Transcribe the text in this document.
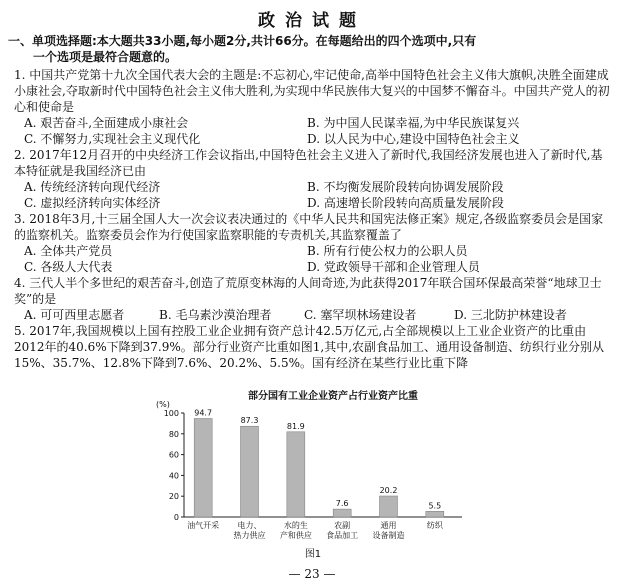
政治试题
一、单项选择题:本大题共33小题,每小题2分,共计66分。在每题给出的四个选项中,只有
一个选项是最符合题意的。
1. 中国共产党第十九次全国代表大会的主题是:不忘初心,牢记使命,高举中国特色社会主义伟大旗帜,决胜全面建成小康社会,夺取新时代中国特色社会主义伟大胜利,为实现中华民族伟大复兴的中国梦不懈奋斗。中国共产党人的初心和使命是
A. 艰苦奋斗,全面建成小康社会	B. 为中国人民谋幸福,为中华民族谋复兴
C. 不懈努力,实现社会主义现代化	D. 以人民为中心,建设中国特色社会主义
2. 2017年12月召开的中央经济工作会议指出,中国特色社会主义进入了新时代,我国经济发展也进入了新时代,基本特征就是我国经济已由
A. 传统经济转向现代经济	B. 不均衡发展阶段转向协调发展阶段
C. 虚拟经济转向实体经济	D. 高速增长阶段转向高质量发展阶段
3. 2018年3月,十三届全国人大一次会议表决通过的《中华人民共和国宪法修正案》规定,各级监察委员会是国家的监察机关。监察委员会作为行使国家监察职能的专责机关,其监察覆盖了
A. 全体共产党员	B. 所有行使公权力的公职人员
C. 各级人大代表	D. 党政领导干部和企业管理人员
4. 三代人半个多世纪的艰苦奋斗,创造了荒原变林海的人间奇迹,为此获得2017年联合国环保最高荣誉“地球卫士奖”的是
A. 可可西里志愿者	B. 毛乌素沙漠治理者	C. 塞罕坝林场建设者	D. 三北防护林建设者
5. 2017年,我国规模以上国有控股工业企业拥有资产总计42.5万亿元,占全部规模以上工业企业资产的比重由2012年的40.6%下降到37.9%。部分行业资产比重如图1,其中,农副食品加工、通用设备制造、纺织行业分别从15%、35.7%、12.8%下降到7.6%、20.2%、5.5%。国有经济在某些行业比重下降
部分国有工业企业资产占行业资产比重
(%)
0
20
40
60
80
100 94.7
油气开采
87.3
电力、
热力供应
81.9
水的生
产和供应
7.6
农副
食品加工
20.2
通用
设备制造
5.5
纺织
图1
— 23 —
